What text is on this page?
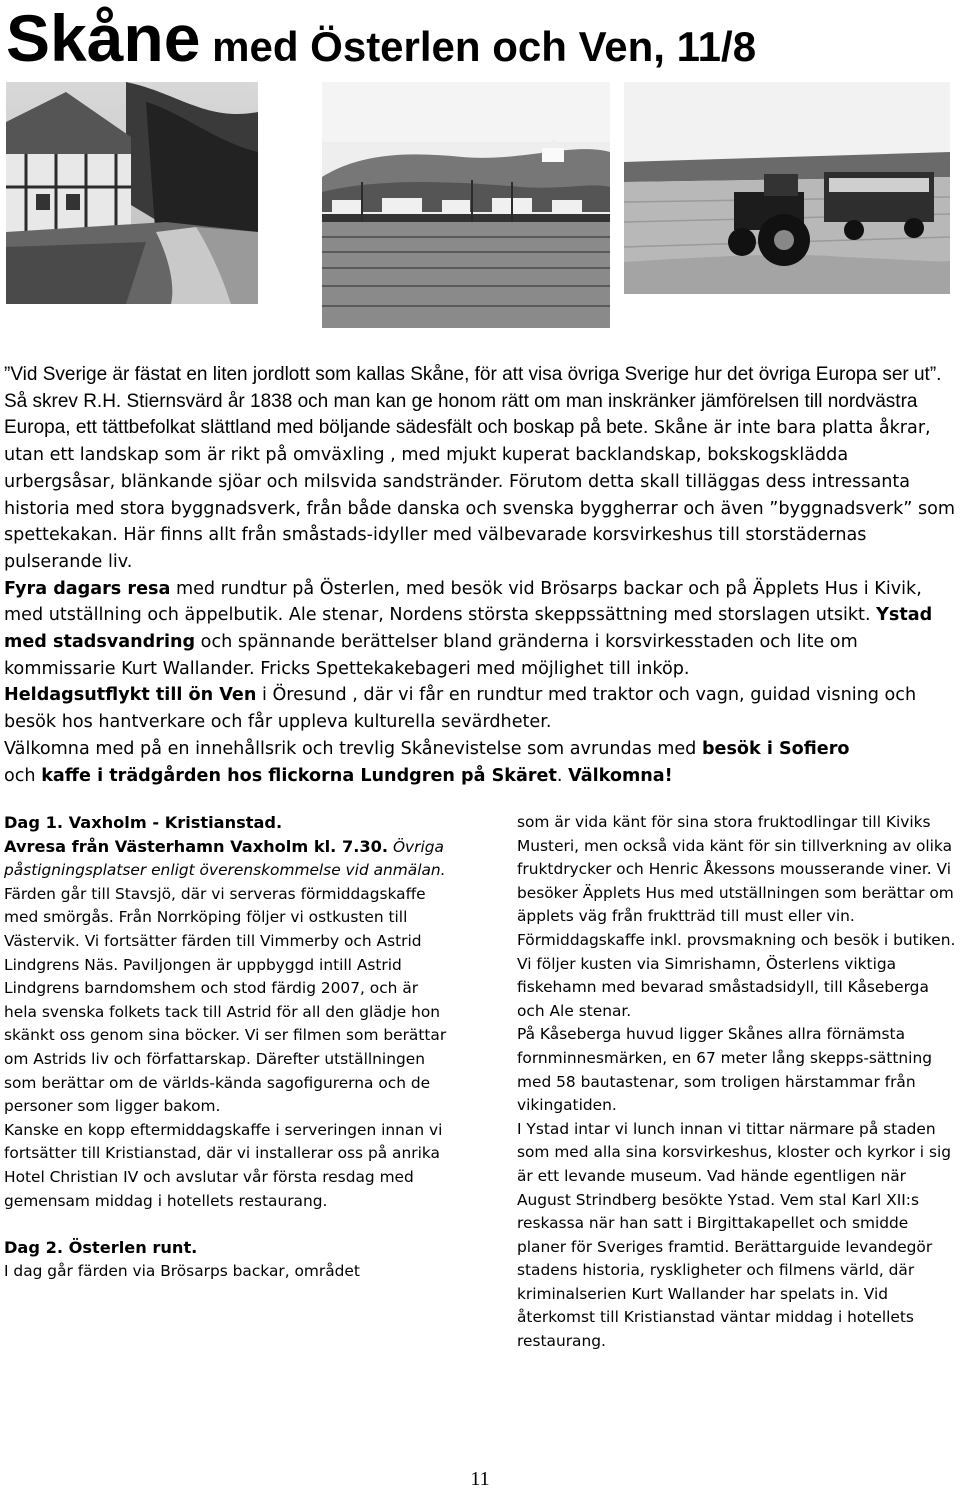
Skåne med Österlen och Ven, 11/8

”Vid Sverige är fästat en liten jordlott som kallas Skåne, för att visa övriga Sverige hur det övriga Europa ser ut”. Så skrev R.H. Stiernsvärd år 1838 och man kan ge honom rätt om man inskränker jämförelsen till nordvästra Europa, ett tättbefolkat slättland med böljande sädesfält och boskap på bete. Skåne är inte bara platta åkrar, utan ett landskap som är rikt på omväxling , med mjukt kuperat backlandskap, bokskogsklädda urbergsåsar, blänkande sjöar och milsvida sandstränder. Förutom detta skall tilläggas dess intressanta historia med stora byggnadsverk, från både danska och svenska byggherrar och även ”byggnadsverk” som spettekakan. Här finns allt från småstads-idyller med välbevarade korsvirkeshus till storstädernas pulserande liv.

Fyra dagars resa med rundtur på Österlen, med besök vid Brösarps backar och på Äpplets Hus i Kivik, med utställning och äppelbutik. Ale stenar, Nordens största skeppssättning med storslagen utsikt. Ystad med stadsvandring och spännande berättelser bland gränderna i korsvirkesstaden och lite om kommissarie Kurt Wallander. Fricks Spettekakebageri med möjlighet till inköp.

Heldagsutflykt till ön Ven i Öresund , där vi får en rundtur med traktor och vagn, guidad visning och besök hos hantverkare och får uppleva kulturella sevärdheter.

Välkomna med på en innehållsrik och trevlig Skånevistelse som avrundas med besök i Sofiero
och kaffe i trädgården hos flickorna Lundgren på Skäret. Välkomna!

Dag 1. Vaxholm - Kristianstad.

Avresa från Västerhamn Vaxholm kl. 7.30. Övriga påstigningsplatser enligt överenskommelse vid anmälan.

Färden går till Stavsjö, där vi serveras förmiddagskaffe med smörgås. Från Norrköping följer vi ostkusten till Västervik. Vi fortsätter färden till Vimmerby och Astrid Lindgrens Näs. Paviljongen är uppbyggd intill Astrid Lindgrens barndomshem och stod färdig 2007, och är hela svenska folkets tack till Astrid för all den glädje hon skänkt oss genom sina böcker. Vi ser filmen som berättar om Astrids liv och författarskap. Därefter utställningen som berättar om de världs-kända sagofigurerna och de personer som ligger bakom.

Kanske en kopp eftermiddagskaffe i serveringen innan vi fortsätter till Kristianstad, där vi installerar oss på anrika Hotel Christian IV och avslutar vår första resdag med gemensam middag i hotellets restaurang.

Dag 2. Österlen runt.

I dag går färden via Brösarps backar, området

som är vida känt för sina stora fruktodlingar till Kiviks Musteri, men också vida känt för sin tillverkning av olika fruktdrycker och Henric Åkessons mousserande viner. Vi besöker Äpplets Hus med utställningen som berättar om äpplets väg från fruktträd till must eller vin. Förmiddagskaffe inkl. provsmakning och besök i butiken. Vi följer kusten via Simrishamn, Österlens viktiga fiskehamn med bevarad småstadsidyll, till Kåseberga och Ale stenar.

På Kåseberga huvud ligger Skånes allra förnämsta fornminnesmärken, en 67 meter lång skepps-sättning med 58 bautastenar, som troligen härstammar från vikingatiden.

I Ystad intar vi lunch innan vi tittar närmare på staden som med alla sina korsvirkeshus, kloster och kyrkor i sig är ett levande museum. Vad hände egentligen när August Strindberg besökte Ystad. Vem stal Karl XII:s reskassa när han satt i Birgittakapellet och smidde planer för Sveriges framtid. Berättarguide levandegör stadens historia, ryskligheter och filmens värld, där kriminalserien Kurt Wallander har spelats in. Vid återkomst till Kristianstad väntar middag i hotellets restaurang.

11
